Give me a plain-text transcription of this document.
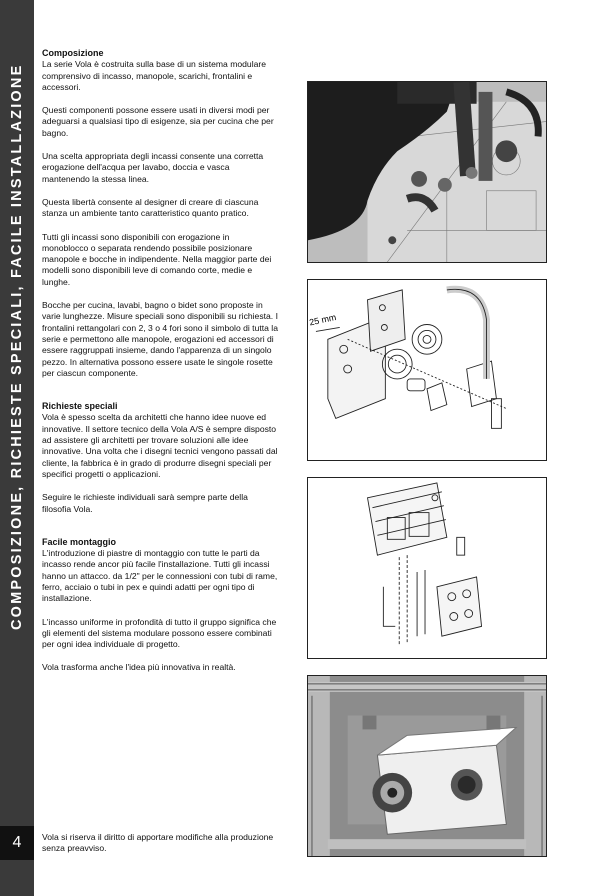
COMPOSIZIONE, RICHIESTE SPECIALI, FACILE INSTALLAZIONE
4
Composizione

La serie Vola è costruita sulla base di un sistema modulare comprensivo di incasso, manopole, scarichi, frontalini e accessori.

Questi componenti possone essere usati in diversi modi per adeguarsi a qualsiasi tipo di esigenze, sia per cucina che per bagno.

Una scelta appropriata degli incassi consente una corretta erogazione dell'acqua per lavabo, doccia e vasca mantenendo la stessa linea.

Questa libertà consente al designer di creare di ciascuna stanza un ambiente tanto caratteristico quanto pratico.

Tutti gli incassi sono disponibili con erogazione in monoblocco o separata rendendo possibile posizionare manopole e bocche in indipendente. Nella maggior parte dei modelli sono disponibili leve di comando corte, medie e lunghe.

Bocche per cucina, lavabi, bagno o bidet sono proposte in varie lunghezze. Misure speciali sono disponibili su richiesta. I frontalini rettangolari con 2, 3 o 4 fori sono il simbolo di tutta la serie e permettono alle manopole, erogazioni ed accessori di essere raggruppati insieme, dando l'apparenza di un singolo pezzo. In alternativa possono essere usate le singole rosette per ciascun componente.

Richieste speciali

Vola è spesso scelta da architetti che hanno idee nuove ed innovative. Il settore tecnico della Vola A/S è sempre disposto ad assistere gli architetti per trovare soluzioni alle idee innovative. Una volta che i disegni tecnici vengono passati dal cliente, la fabbrica è in grado di produrre disegni speciali per specifici progetti o applicazioni.

Seguire le richieste individuali sarà sempre parte della filosofia Vola.

Facile montaggio

L'introduzione di piastre di montaggio con tutte le parti da incasso rende ancor più facile l'installazione. Tutti gli incassi hanno un attacco. da 1/2" per le connessioni con tubi di rame, ferro, acciaio o tubi in pex e quindi adatti per ogni tipo di installazione.

L'incasso uniforme in profondità di tutto il gruppo significa che gli elementi del sistema modulare possono essere combinati per ogni idea individuale di progetto.

Vola trasforma anche l'idea più innovativa in realtà.

Vola si riserva il diritto di apportare modifiche alla produzione senza preavviso.
25 mm
